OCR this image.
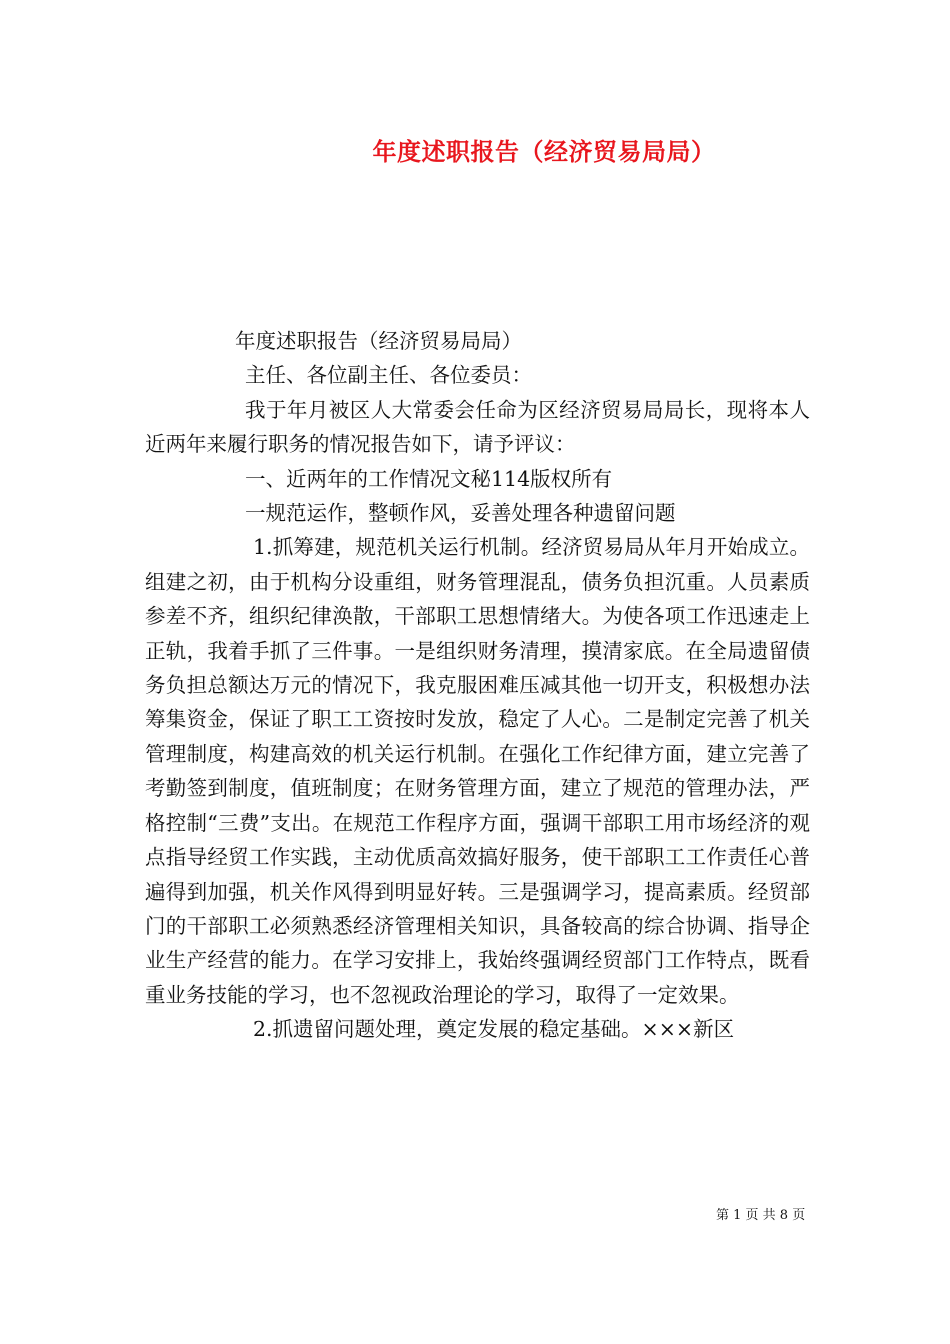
年度述职报告（经济贸易局局）

年度述职报告（经济贸易局局）

主任、各位副主任、各位委员：

我于年月被区人大常委会任命为区经济贸易局局长，现将本人近两年来履行职务的情况报告如下，请予评议：

一、近两年的工作情况文秘114版权所有

一规范运作，整顿作风，妥善处理各种遗留问题

1.抓筹建，规范机关运行机制。经济贸易局从年月开始成立。组建之初，由于机构分设重组，财务管理混乱，债务负担沉重。人员素质参差不齐，组织纪律涣散，干部职工思想情绪大。为使各项工作迅速走上正轨，我着手抓了三件事。一是组织财务清理，摸清家底。在全局遗留债务负担总额达万元的情况下，我克服困难压减其他一切开支，积极想办法筹集资金，保证了职工工资按时发放，稳定了人心。二是制定完善了机关管理制度，构建高效的机关运行机制。在强化工作纪律方面，建立完善了考勤签到制度，值班制度；在财务管理方面，建立了规范的管理办法，严格控制“三费”支出。在规范工作程序方面，强调干部职工用市场经济的观点指导经贸工作实践，主动优质高效搞好服务，使干部职工工作责任心普遍得到加强，机关作风得到明显好转。三是强调学习，提高素质。经贸部门的干部职工必须熟悉经济管理相关知识，具备较高的综合协调、指导企业生产经营的能力。在学习安排上，我始终强调经贸部门工作特点，既看重业务技能的学习，也不忽视政治理论的学习，取得了一定效果。

2.抓遗留问题处理，奠定发展的稳定基础。×××新区

第 1 页 共 8 页
